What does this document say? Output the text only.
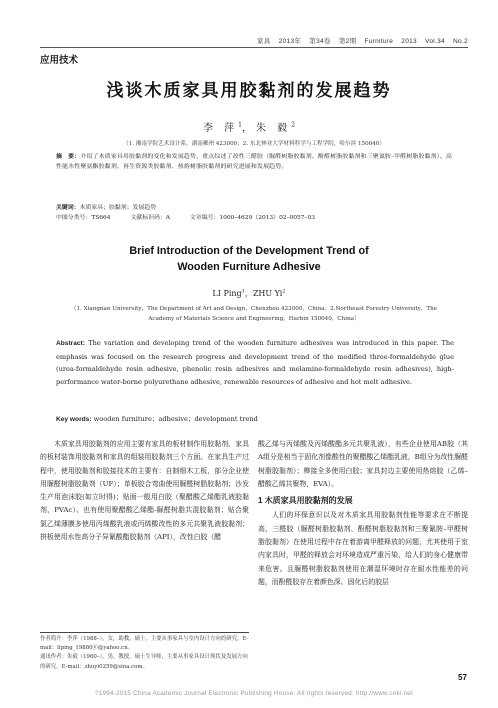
家具 2013年 第34卷 第2期 Furniture 2013 Vol.34 No.2
应用技术
浅谈木质家具用胶黏剂的发展趋势
李 萍$^1$，朱 毅$^2$
（1. 湘南学院艺术设计系，湖南郴州 423000；2. 东北林业大学材料科学与工程学院，哈尔滨 150040）
摘　要：介绍了木质家具用胶黏剂的变化和发展趋势，重点综述了改性三醛胶（脲醛树脂胶黏剂、酚醛树脂胶黏剂和三聚氰胺–甲醛树脂胶黏剂）、高性能水性聚氨酯胶黏剂、再生资源类胶黏剂、热熔树脂胶黏剂的研究进展和发展趋势。
关键词：木质家具；胶黏剂；发展趋势
中图分类号：TS664	文献标识码：A	文章编号：1000–4629（2013）02–0057–03
Brief Introduction of the Development Trend of
Wooden Furniture Adhesive
LI Ping$^1$，ZHU Yi$^2$
（1. Xiangnan University，The Department of Art and Design，Chenzhou 423000，China；2.Northeast Forestry University，The
Academy of Materials Science and Engineering，Harbin 150040，China）
Abstract: The variation and developing trend of the wooden furniture adhesives was introduced in this paper. The emphasis was focused on the research progress and development trend of the modified three-formaldehyde glue (urea-formaldehyde resin adhesive, phenolic resin adhesives and melamine-formaldehyde resin adhesives), high-performance water-borne polyurethane adhesive, renewable resources of adhesive and hot melt adhesive.
Key words: wooden furniture；adhesive；development trend

木质家具用胶黏剂的应用主要有家具的板材制作用胶黏剂、家具的板材装饰用胶黏剂和家具的组装用胶黏剂三个方面。在家具生产过程中，使用胶黏剂和胶接技术的主要有：自制细木工板，部分企业使用脲醛树脂胶黏剂（UF）；单板胶合弯曲使用脲醛树脂胶黏剂；沙发生产用泡沫胶(如立时得)；贴面一般用白胶（聚醋酸乙烯酯乳液胶黏剂，PVAc）、也有使用聚醋酸乙烯酯-脲醛树脂共混胶黏剂；贴合聚氯乙烯薄膜多使用丙烯酸乳液或丙烯酸改性的多元共聚乳液胶黏剂；拼板使用水性高分子异氰酸酯胶黏剂（API），改性白胶（醋

酸乙烯与丙烯酸及丙烯酸酯多元共聚乳液），有些企业使用AB胶（其A组分是相当于固化剂像酸性的聚醋酸乙烯酯乳液，B组分为改性脲醛树脂胶黏剂）；榫接全多使用白胶；家具封边主要使用热熔胶（乙烯–醋酸乙烯共聚物，EVA）。

1 木质家具用胶黏剂的发展

人们的环保意识以及对木质家具用胶黏剂性能等要求在不断提高，三醛胶（脲醛树脂胶黏剂、酚醛树脂胶黏剂和三聚氰胺–甲醛树脂胶黏剂）在使用过程中存在着游离甲醛释放的问题，尤其使用于室内家具时，甲醛的释放会对环境造成严重污染，给人们的身心健康带来危害。且脲醛树脂胶黏剂使用在潮湿环境时存在耐水性能差的问题，而酚醛胶存在着颜色深、固化后的胶层

作者简介：李萍（1988–），女，助教，硕士，主要从事家具与室内设计方向的研究。E-mail：liping_19880⑥@yahoo.cn。
通讯作者：朱毅（1960–），男，教授，硕士生导师，主要从事家具设计现状及发展方向的研究。E-mail：zhuyi0259@sina.com。
57
?1994-2015 China Academic Journal Electronic Publishing House. All rights reserved. http://www.cnki.net
